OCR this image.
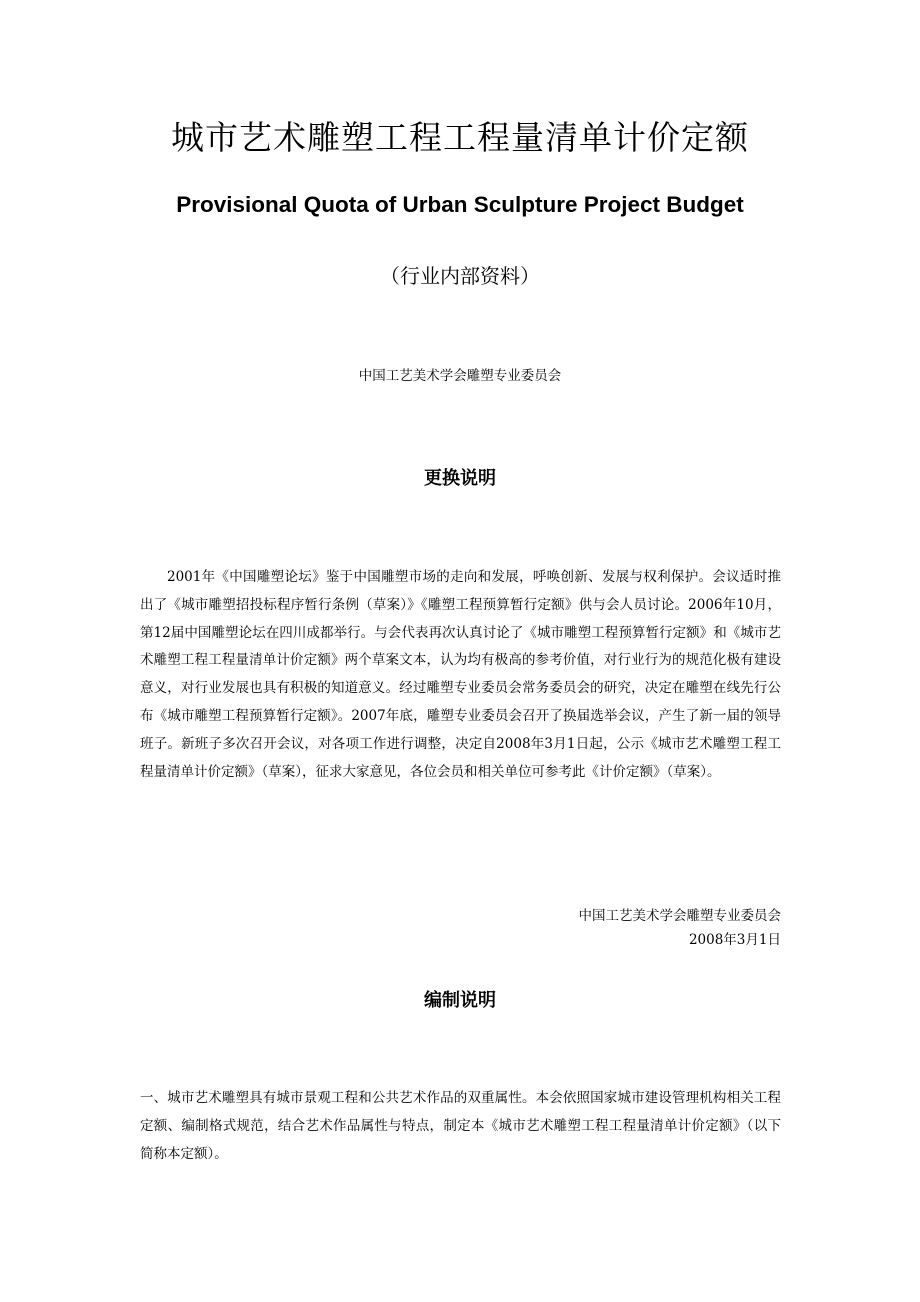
城市艺术雕塑工程工程量清单计价定额
Provisional Quota of Urban Sculpture Project Budget
（行业内部资料）
中国工艺美术学会雕塑专业委员会
更换说明
2001年《中国雕塑论坛》鉴于中国雕塑市场的走向和发展，呼唤创新、发展与权利保护。会议适时推出了《城市雕塑招投标程序暂行条例（草案）》《雕塑工程预算暂行定额》供与会人员讨论。2006年10月，第12届中国雕塑论坛在四川成都举行。与会代表再次认真讨论了《城市雕塑工程预算暂行定额》和《城市艺术雕塑工程工程量清单计价定额》两个草案文本，认为均有极高的参考价值，对行业行为的规范化极有建设意义，对行业发展也具有积极的知道意义。经过雕塑专业委员会常务委员会的研究，决定在雕塑在线先行公布《城市雕塑工程预算暂行定额》。2007年底，雕塑专业委员会召开了换届选举会议，产生了新一届的领导班子。新班子多次召开会议，对各项工作进行调整，决定自2008年3月1日起，公示《城市艺术雕塑工程工程量清单计价定额》（草案），征求大家意见，各位会员和相关单位可参考此《计价定额》（草案）。
中国工艺美术学会雕塑专业委员会
2008年3月1日
编制说明
一、城市艺术雕塑具有城市景观工程和公共艺术作品的双重属性。本会依照国家城市建设管理机构相关工程定额、编制格式规范，结合艺术作品属性与特点，制定本《城市艺术雕塑工程工程量清单计价定额》（以下简称本定额）。
